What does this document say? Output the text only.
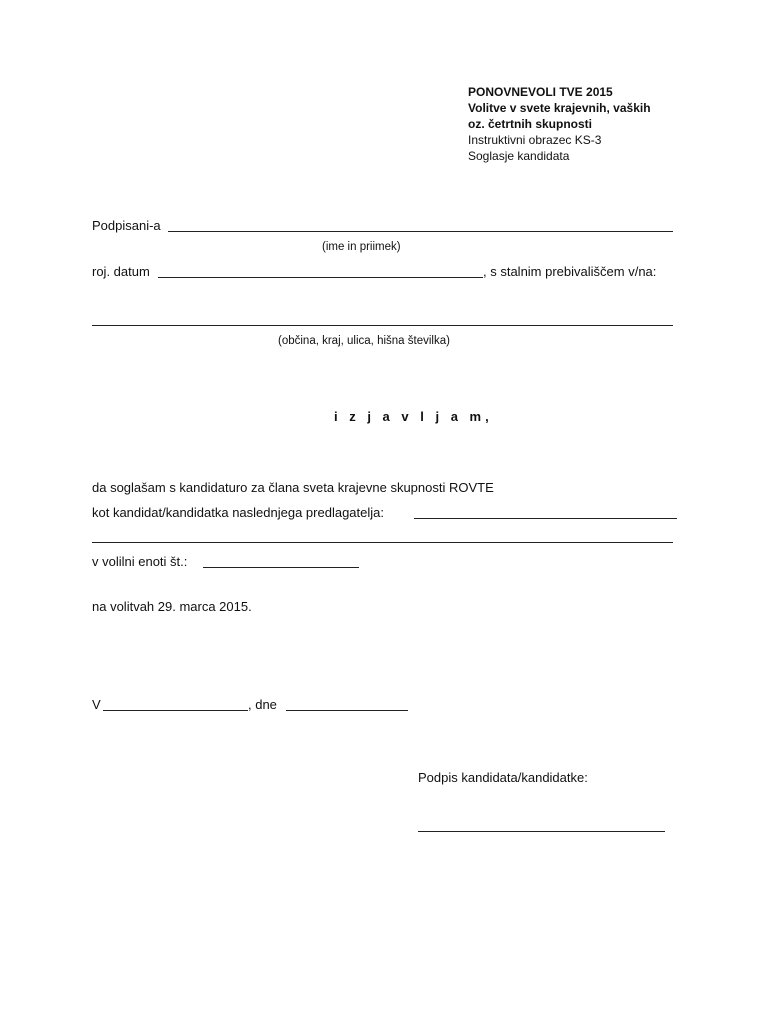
PONOVNEVOLI TVE 2015
Volitve v svete krajevnih, vaških
oz. četrtnih skupnosti
Instruktivni obrazec KS-3
Soglasje kandidata
Podpisani-a
(ime in priimek)
roj. datum	, s stalnim prebivališčem v/na:
(občina, kraj, ulica, hišna številka)
i z j a v l j a m,
da soglašam s kandidaturo za člana sveta krajevne skupnosti ROVTE
kot kandidat/kandidatka naslednjega predlagatelja:
v volilni enoti št.:
na volitvah 29. marca 2015.
V	, dne
Podpis kandidata/kandidatke:
